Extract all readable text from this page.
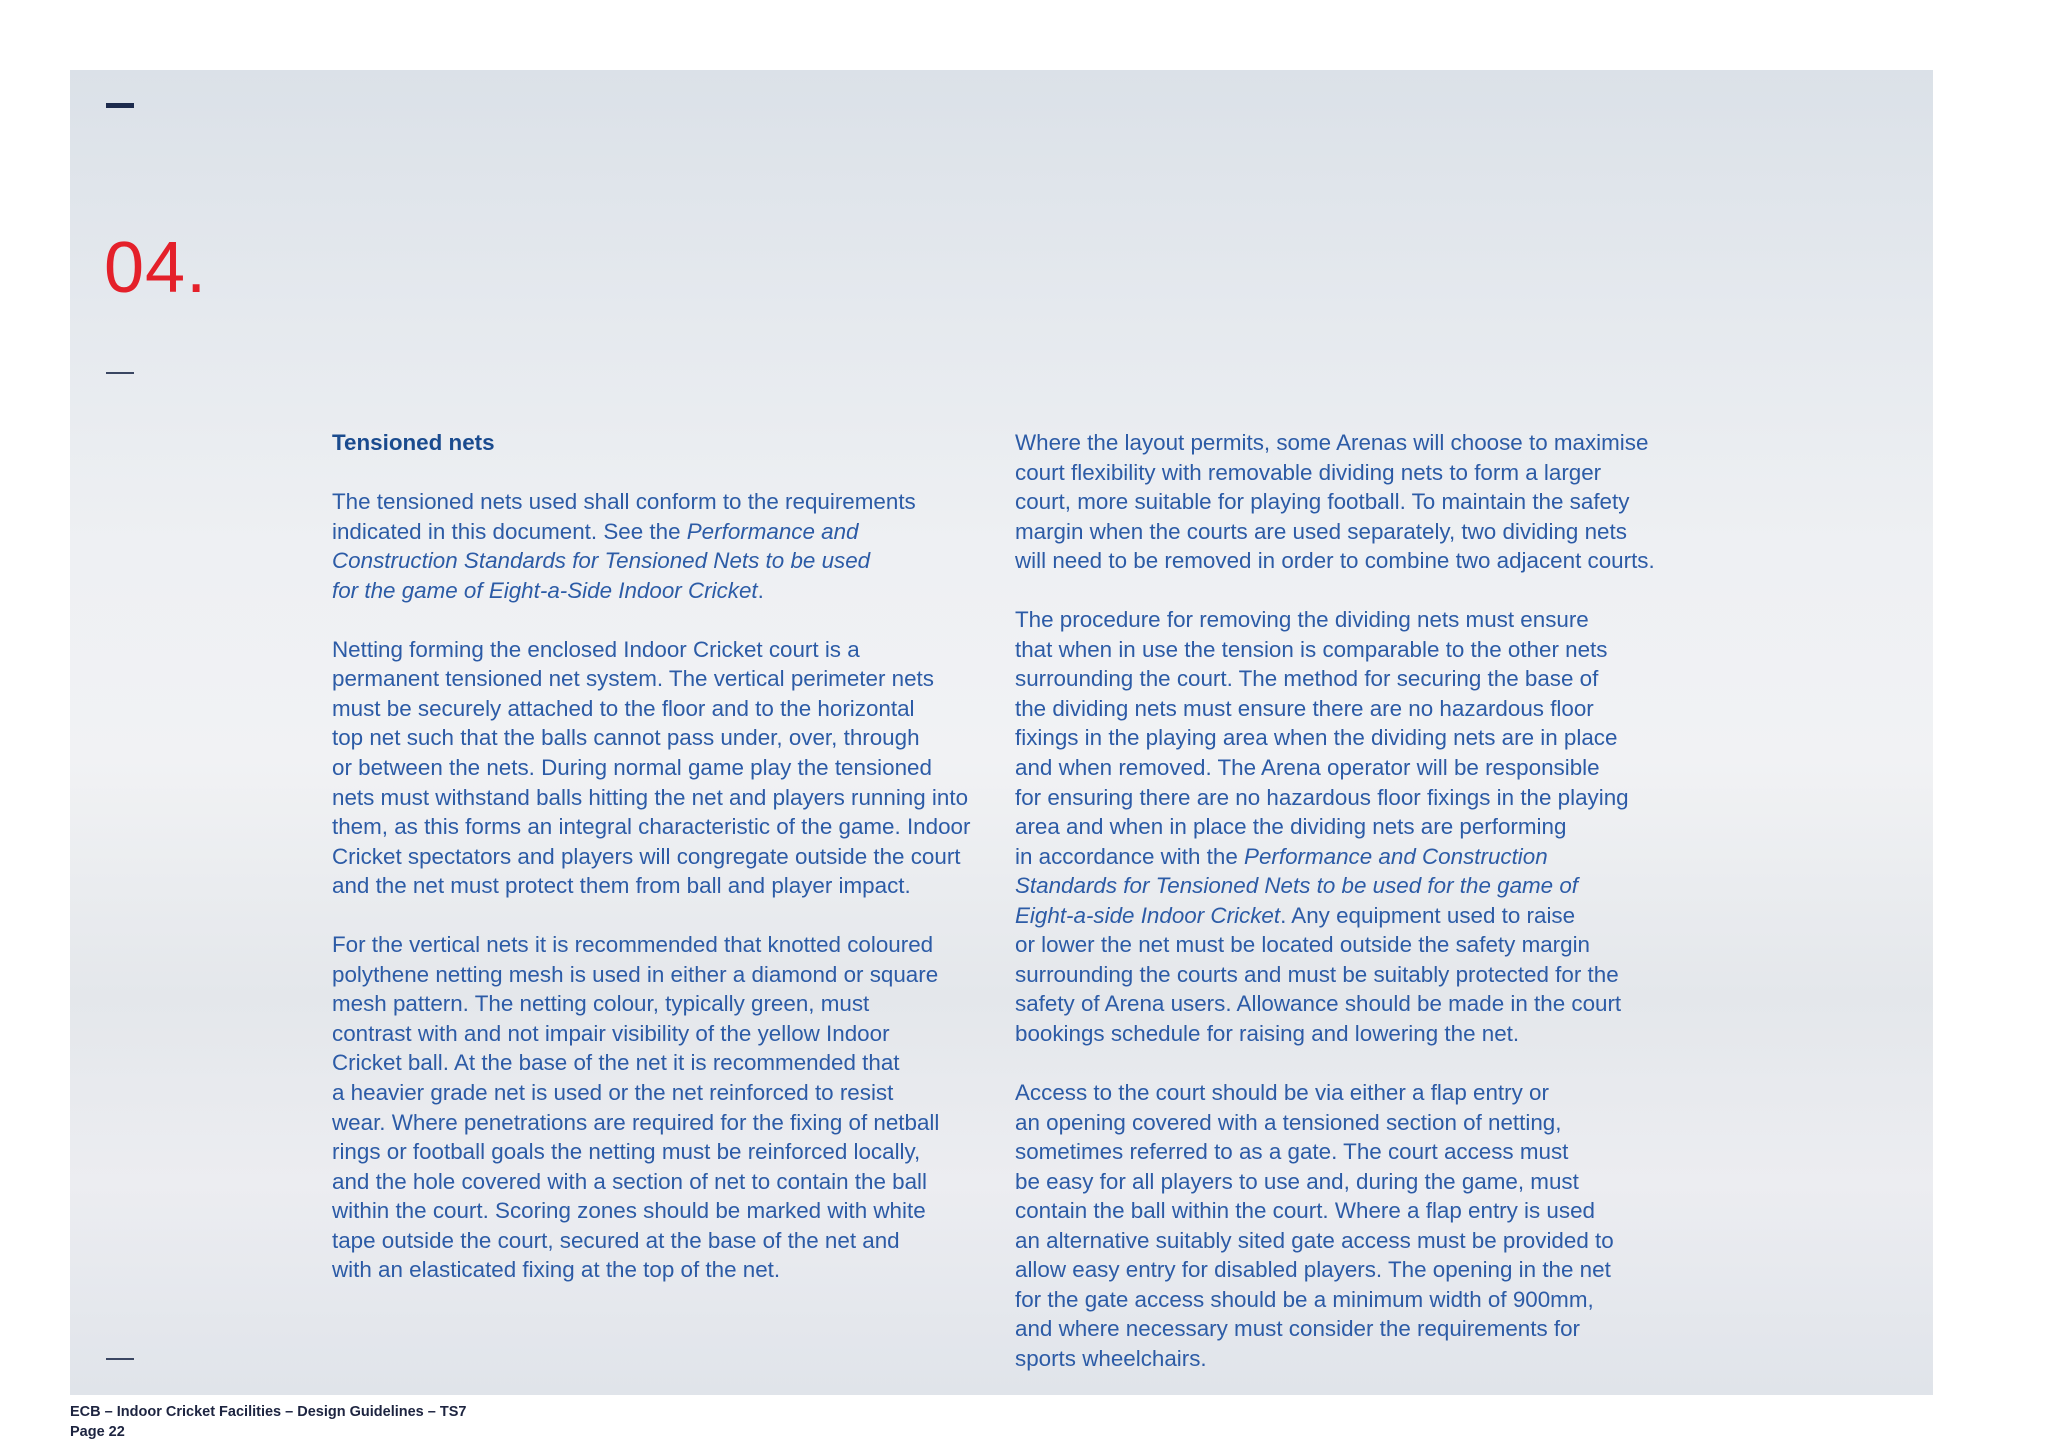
04.
Tensioned nets
The tensioned nets used shall conform to the requirements
indicated in this document. See the Performance and
Construction Standards for Tensioned Nets to be used
for the game of Eight-a-Side Indoor Cricket.
Netting forming the enclosed Indoor Cricket court is a
permanent tensioned net system. The vertical perimeter nets
must be securely attached to the floor and to the horizontal
top net such that the balls cannot pass under, over, through
or between the nets. During normal game play the tensioned
nets must withstand balls hitting the net and players running into
them, as this forms an integral characteristic of the game. Indoor
Cricket spectators and players will congregate outside the court
and the net must protect them from ball and player impact.
For the vertical nets it is recommended that knotted coloured
polythene netting mesh is used in either a diamond or square
mesh pattern. The netting colour, typically green, must
contrast with and not impair visibility of the yellow Indoor
Cricket ball. At the base of the net it is recommended that
a heavier grade net is used or the net reinforced to resist
wear. Where penetrations are required for the fixing of netball
rings or football goals the netting must be reinforced locally,
and the hole covered with a section of net to contain the ball
within the court. Scoring zones should be marked with white
tape outside the court, secured at the base of the net and
with an elasticated fixing at the top of the net.
Where the layout permits, some Arenas will choose to maximise
court flexibility with removable dividing nets to form a larger
court, more suitable for playing football. To maintain the safety
margin when the courts are used separately, two dividing nets
will need to be removed in order to combine two adjacent courts.
The procedure for removing the dividing nets must ensure
that when in use the tension is comparable to the other nets
surrounding the court. The method for securing the base of
the dividing nets must ensure there are no hazardous floor
fixings in the playing area when the dividing nets are in place
and when removed. The Arena operator will be responsible
for ensuring there are no hazardous floor fixings in the playing
area and when in place the dividing nets are performing
in accordance with the Performance and Construction
Standards for Tensioned Nets to be used for the game of
Eight-a-side Indoor Cricket. Any equipment used to raise
or lower the net must be located outside the safety margin
surrounding the courts and must be suitably protected for the
safety of Arena users. Allowance should be made in the court
bookings schedule for raising and lowering the net.
Access to the court should be via either a flap entry or
an opening covered with a tensioned section of netting,
sometimes referred to as a gate. The court access must
be easy for all players to use and, during the game, must
contain the ball within the court. Where a flap entry is used
an alternative suitably sited gate access must be provided to
allow easy entry for disabled players. The opening in the net
for the gate access should be a minimum width of 900mm,
and where necessary must consider the requirements for
sports wheelchairs.
ECB – Indoor Cricket Facilities – Design Guidelines – TS7
Page 22
